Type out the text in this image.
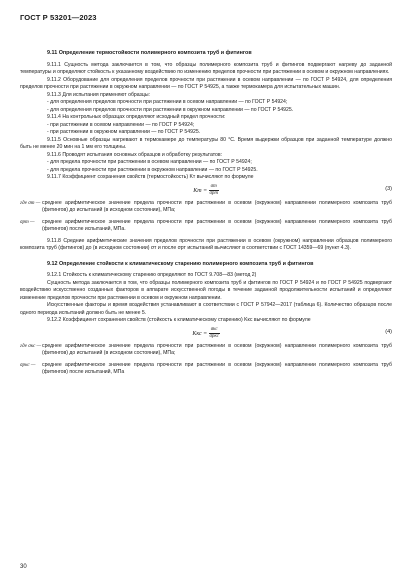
ГОСТ Р 53201—2023

9.11 Определение термостойкости полимерного композита труб и фитингов

9.11.1 Сущность метода заключается в том, что образцы полимерного композита труб и фитингов подвергают нагреву до заданной температуры и определяют стойкость к указанному воздействию по изменению пределов прочности при растяжении в осевом и окружном направлениях.

9.11.2 Оборудование для определения пределов прочности при растяжении в осевом направлении — по ГОСТ Р 54924, для определения пределов прочности при растяжении в окружном направлении — по ГОСТ Р 54925, а также термокамера для испытательных машин.

9.11.3 Для испытания применяют образцы:

- для определения пределов прочности при растяжении в осевом направлении — по ГОСТ Р 54924;

- для определения пределов прочности при растяжении в окружном направлении — по ГОСТ Р 54925.

9.11.4 На контрольных образцах определяют исходный предел прочности:

- при растяжении в осевом направлении — по ГОСТ Р 54924;

- при растяжении в окружном направлении — по ГОСТ Р 54925.

9.11.5 Основные образцы нагревают в термокамере до температуры 80 °С. Время выдержки образцов при заданной температуре должно быть не менее 20 мин на 1 мм его толщины.

9.11.6 Проводят испытания основных образцов и обработку результатов:

- для предела прочности при растяжении в осевом направлении — по ГОСТ Р 54924;

- для предела прочности при растяжении в окружном направлении — по ГОСТ Р 54925.

9.11.7 Коэффициент сохранения свойств (термостойкость) Kт вычисляют по формуле

Kт = $\frac{\sigma т}{\text{σрт}}$	(3)
где σт — среднее арифметическое значение предела прочности при растяжении в осевом (окружном) направлении полимерного композита труб (фитингов) до испытаний (в исходном состоянии), МПа;
σрт —	среднее арифметическое значение предела прочности при растяжении в осевом (окружном) направлении полимерного композита труб (фитингов) после испытаний, МПа.

9.11.8 Средние арифметические значения пределов прочности при растяжении в осевом (окружном) направлении образцов полимерного композита труб (фитингов) до (в исходном состоянии) σт и после σрт испытаний вычисляют в соответствии с ГОСТ 14359—69 (пункт 4.3).

9.12 Определение стойкости к климатическому старению полимерного композита труб и фитингов

9.12.1 Стойкость к климатическому старению определяют по ГОСТ 9.708—83 (метод 2)

Сущность метода заключается в том, что образцы полимерного композита труб и фитингов по ГОСТ Р 54924 и по ГОСТ Р 54925 подвергают воздействию искусственно созданных факторов в аппарате искусственной погоды в течение заданной продолжительности испытаний и определяют изменение пределов прочности при растяжении в осевом и окружном направлении.

Искусственные факторы и время воздействия устанавливают в соответствии с ГОСТ Р 57942—2017 (таблица 6). Количество образцов после одного периода испытаний должно быть не менее 5.

9.12.2 Коэффициент сохранения свойств (стойкость к климатическому старению) Kкс вычисляют по формуле

Kкс = $\frac{\text{σкс}}{\text{σркс}}$	(4)
где σкс — среднее арифметическое значение предела прочности при растяжении в осевом (окружном) направлении полимерного композита труб (фитингов) до испытаний (в исходном состоянии), МПа;
σркс —	среднее арифметическое значение предела прочности при растяжении в осевом (окружном) направлении полимерного композита труб (фитингов) после испытаний, МПа
30
